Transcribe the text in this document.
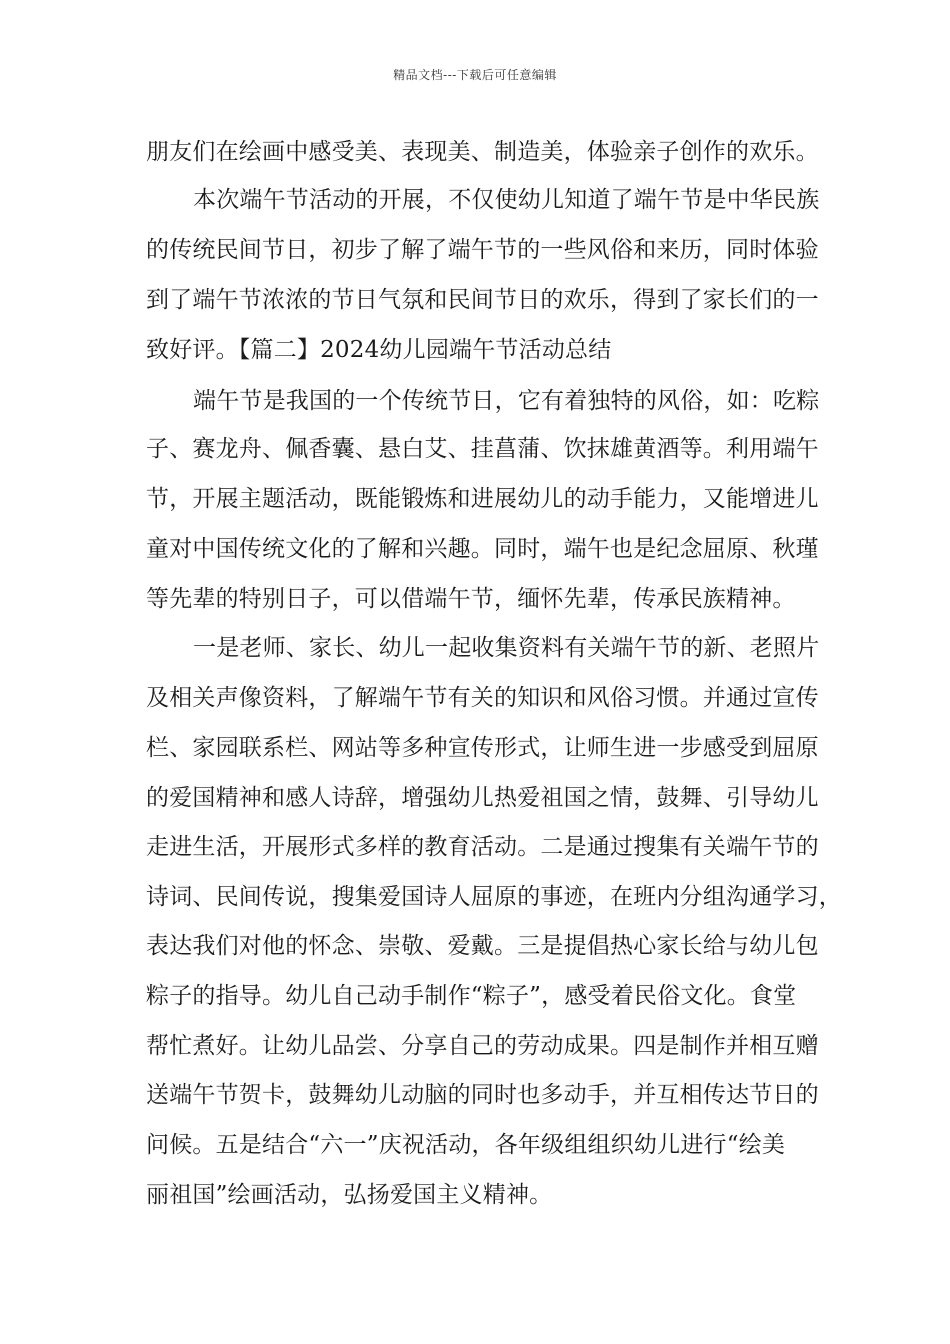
精品文档---下载后可任意编辑
朋友们在绘画中感受美、表现美、制造美，体验亲子创作的欢乐。
本次端午节活动的开展，不仅使幼儿知道了端午节是中华民族
的传统民间节日，初步了解了端午节的一些风俗和来历，同时体验
到了端午节浓浓的节日气氛和民间节日的欢乐，得到了家长们的一
致好评。【篇二】2024幼儿园端午节活动总结
端午节是我国的一个传统节日，它有着独特的风俗，如：吃粽
子、赛龙舟、佩香囊、悬白艾、挂菖蒲、饮抹雄黄酒等。利用端午
节，开展主题活动，既能锻炼和进展幼儿的动手能力，又能增进儿
童对中国传统文化的了解和兴趣。同时，端午也是纪念屈原、秋瑾
等先辈的特别日子，可以借端午节，缅怀先辈，传承民族精神。
一是老师、家长、幼儿一起收集资料有关端午节的新、老照片
及相关声像资料，了解端午节有关的知识和风俗习惯。并通过宣传
栏、家园联系栏、网站等多种宣传形式，让师生进一步感受到屈原
的爱国精神和感人诗辞，增强幼儿热爱祖国之情，鼓舞、引导幼儿
走进生活，开展形式多样的教育活动。二是通过搜集有关端午节的
诗词、民间传说，搜集爱国诗人屈原的事迹，在班内分组沟通学习，
表达我们对他的怀念、崇敬、爱戴。三是提倡热心家长给与幼儿包
粽子的指导。幼儿自己动手制作“粽子”，感受着民俗文化。食堂
帮忙煮好。让幼儿品尝、分享自己的劳动成果。四是制作并相互赠
送端午节贺卡，鼓舞幼儿动脑的同时也多动手，并互相传达节日的
问候。五是结合“六一”庆祝活动，各年级组组织幼儿进行“绘美
丽祖国”绘画活动，弘扬爱国主义精神。
